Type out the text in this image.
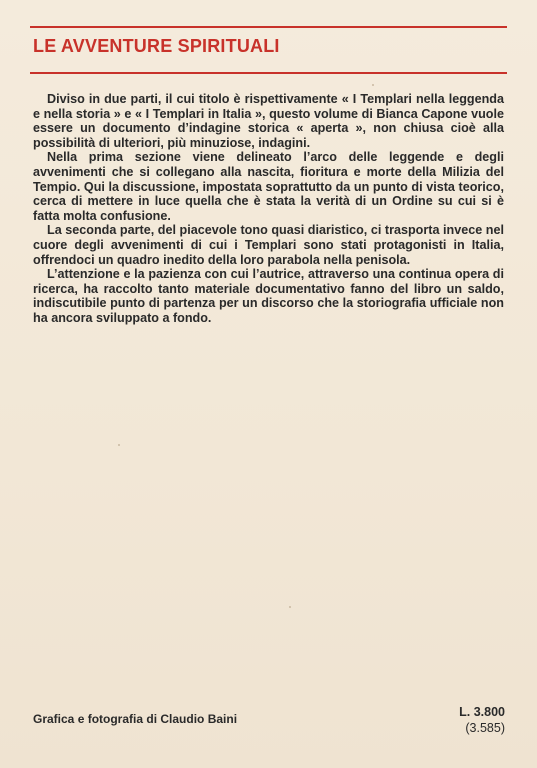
LE AVVENTURE SPIRITUALI

Diviso in due parti, il cui titolo è rispettivamente « I Templari nella leggenda e nella storia » e « I Templari in Italia », questo volume di Bianca Capone vuole essere un documento d’indagine storica « aperta », non chiusa cioè alla possibilità di ulteriori, più minuziose, indagini.

Nella prima sezione viene delineato l’arco delle leggende e degli avvenimenti che si collegano alla nascita, fioritura e morte della Milizia del Tempio. Qui la discussione, impostata soprattutto da un punto di vista teorico, cerca di mettere in luce quella che è stata la verità di un Ordine su cui si è fatta molta confusione.

La seconda parte, del piacevole tono quasi diaristico, ci trasporta invece nel cuore degli avvenimenti di cui i Templari sono stati protagonisti in Italia, offrendoci un quadro inedito della loro parabola nella penisola.

L’attenzione e la pazienza con cui l’autrice, attraverso una continua opera di ricerca, ha raccolto tanto materiale documentativo fanno del libro un saldo, indiscutibile punto di partenza per un discorso che la storiografia ufficiale non ha ancora sviluppato a fondo.

Grafica e fotografia di Claudio Baini	L. 3.800
(3.585)
